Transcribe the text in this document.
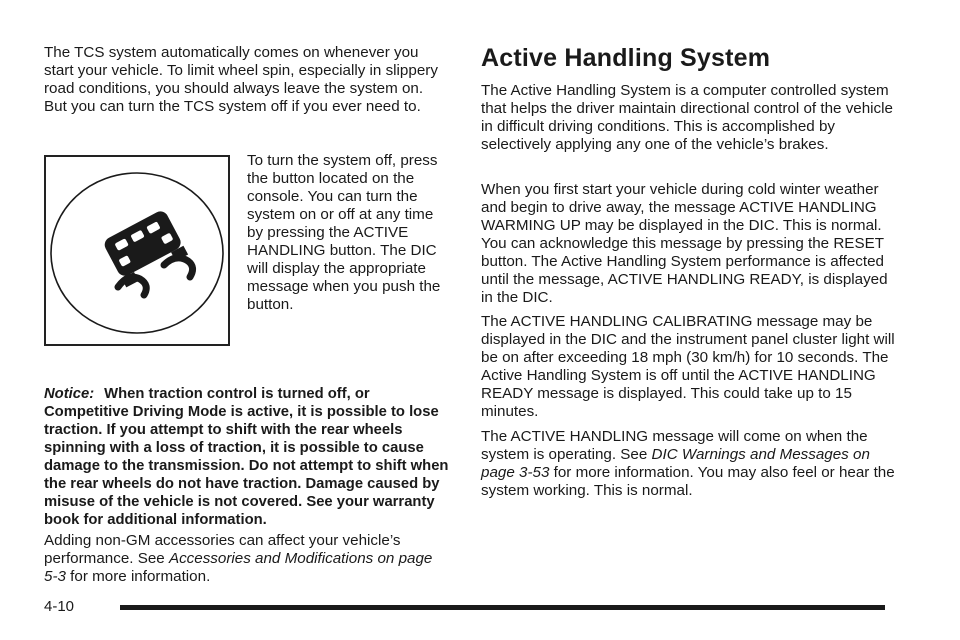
The TCS system automatically comes on whenever you start your vehicle. To limit wheel spin, especially in slippery road conditions, you should always leave the system on. But you can turn the TCS system off if you ever need to.

To turn the system off, press the button located on the console. You can turn the system on or off at any time by pressing the ACTIVE HANDLING button. The DIC will display the appropriate message when you push the button.

Notice: When traction control is turned off, or Competitive Driving Mode is active, it is possible to lose traction. If you attempt to shift with the rear wheels spinning with a loss of traction, it is possible to cause damage to the transmission. Do not attempt to shift when the rear wheels do not have traction. Damage caused by misuse of the vehicle is not covered. See your warranty book for additional information.

Adding non-GM accessories can affect your vehicle’s performance. See Accessories and Modifications on page 5-3 for more information.

Active Handling System

The Active Handling System is a computer controlled system that helps the driver maintain directional control of the vehicle in difficult driving conditions. This is accomplished by selectively applying any one of the vehicle’s brakes.

When you first start your vehicle during cold winter weather and begin to drive away, the message ACTIVE HANDLING WARMING UP may be displayed in the DIC. This is normal. You can acknowledge this message by pressing the RESET button. The Active Handling System performance is affected until the message, ACTIVE HANDLING READY, is displayed in the DIC.

The ACTIVE HANDLING CALIBRATING message may be displayed in the DIC and the instrument panel cluster light will be on after exceeding 18 mph (30 km/h) for 10 seconds. The Active Handling System is off until the ACTIVE HANDLING READY message is displayed. This could take up to 15 minutes.

The ACTIVE HANDLING message will come on when the system is operating. See DIC Warnings and Messages on page 3-53 for more information. You may also feel or hear the system working. This is normal.

4-10
